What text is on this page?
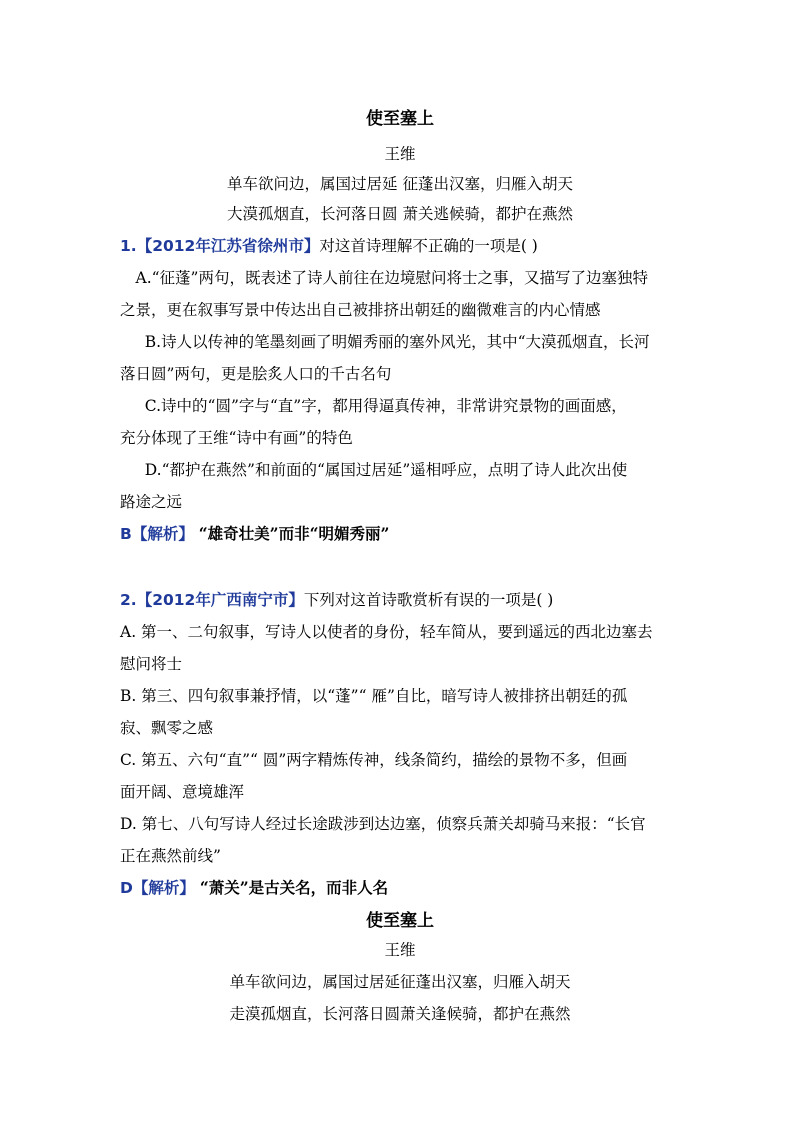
使至塞上
王维
单车欲问边，属国过居延 征蓬出汉塞，归雁入胡天
大漠孤烟直，长河落日圆 萧关逃候骑，都护在燕然

1.【2012年江苏省徐州市】对这首诗理解不正确的一项是( )

A.“征蓬”两句，既表述了诗人前往在边境慰问将士之事，又描写了边塞独特

之景，更在叙事写景中传达出自己被排挤出朝廷的幽微难言的内心情感

B.诗人以传神的笔墨刻画了明媚秀丽的塞外风光，其中“大漠孤烟直，长河

落日圆”两句，更是脍炙人口的千古名句

C.诗中的“圆”字与“直”字，都用得逼真传神，非常讲究景物的画面感，

充分体现了王维“诗中有画”的特色

D.“都护在燕然”和前面的“属国过居延”遥相呼应，点明了诗人此次出使

路途之远

B【解析】 “雄奇壮美”而非“明媚秀丽”

2.【2012年广西南宁市】下列对这首诗歌赏析有误的一项是( )

A. 第一、二句叙事，写诗人以使者的身份，轻车简从，要到遥远的西北边塞去

慰问将士

B. 第三、四句叙事兼抒情，以“蓬”“ 雁”自比，暗写诗人被排挤出朝廷的孤

寂、飘零之感

C. 第五、六句“直”“ 圆”两字精炼传神，线条简约，描绘的景物不多，但画

面开阔、意境雄浑

D. 第七、八句写诗人经过长途跋涉到达边塞，侦察兵萧关却骑马来报：“长官

正在燕然前线”

D【解析】 “萧关”是古关名，而非人名

使至塞上
王维
单车欲问边，属国过居延征蓬出汉塞，归雁入胡天
走漠孤烟直，长河落日圆萧关逢候骑，都护在燕然
